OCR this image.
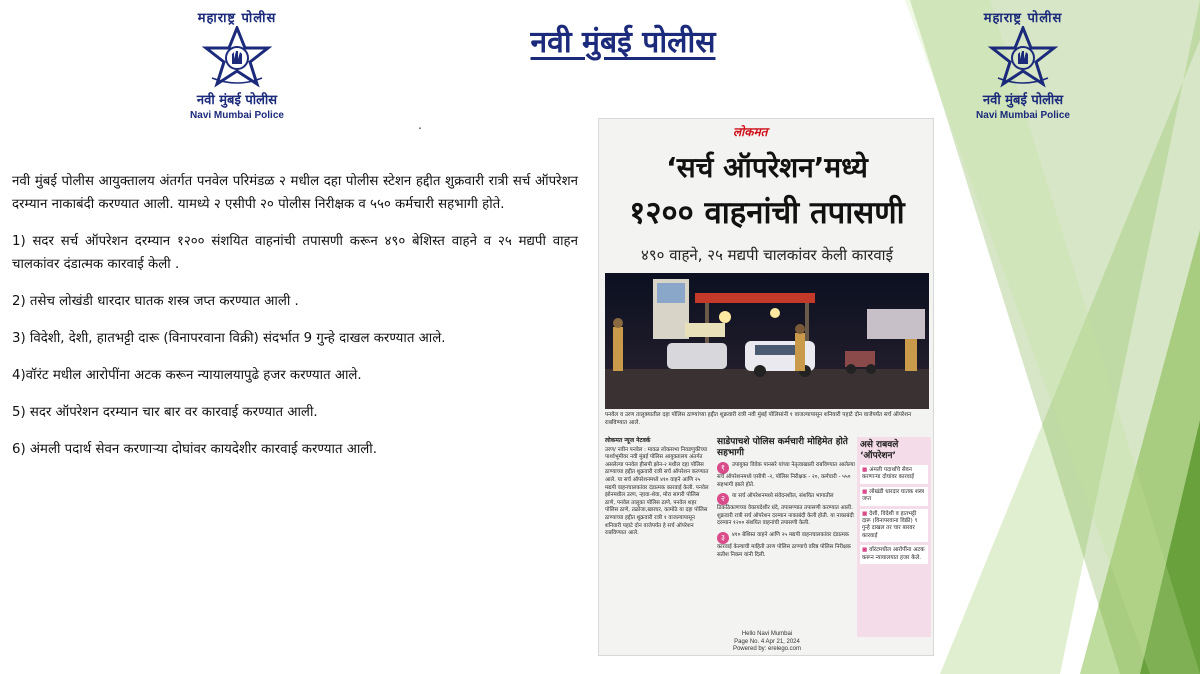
महाराष्ट्र पोलीस
नवी मुंबई पोलीस
Navi Mumbai Police
नवी मुंबई पोलीस
.
महाराष्ट्र पोलीस
नवी मुंबई पोलीस
Navi Mumbai Police

नवी मुंबई पोलीस आयुक्तालय अंतर्गत पनवेल परिमंडळ २ मधील दहा पोलीस स्टेशन हद्दीत शुक्रवारी रात्री सर्च ऑपरेशन दरम्यान नाकाबंदी करण्यात आली. यामध्ये २ एसीपी २० पोलीस निरीक्षक व ५५० कर्मचारी सहभागी होते.

1) सदर सर्च ऑपरेशन दरम्यान १२०० संशयित वाहनांची तपासणी करून ४९० बेशिस्त वाहने व २५ मद्यपी वाहन चालकांवर दंडात्मक कारवाई केली .

2) तसेच लोखंडी धारदार घातक शस्त्र जप्त करण्यात आली .

3) विदेशी, देशी, हातभट्टी दारू (विनापरवाना विक्री) संदर्भात 9 गुन्हे दाखल करण्यात आले.

4)वॉरंट मधील आरोपींना अटक करून न्यायालयापुढे हजर करण्यात आले.

5) सदर ऑपरेशन दरम्यान चार बार वर कारवाई करण्यात आली.

6) अंमली पदार्थ सेवन करणाऱ्या दोघांवर कायदेशीर कारवाई करण्यात आली.

लोकमत
‘सर्च ऑपरेशन’मध्ये
१२०० वाहनांची तपासणी
४९० वाहने, २५ मद्यपी चालकांवर केली कारवाई
पनवेल व उरण तालुक्यातील दहा पोलिस ठाण्यांच्या हद्दीत शुक्रवारी रात्री नवी मुंबई पोलिसांनी १ वाजल्यापासून शनिवारी पहाटे दोन वाजेपर्यंत सर्च ऑपरेशन राबविण्यात आले.
लोकमत न्यूज नेटवर्क
उरण/ नवीन पनवेल : मावळ लोकसभा निवडणुकीच्या पार्श्वभूमीवर नवी मुंबई पोलिस आयुक्तालय अंतर्गत असलेल्या पनवेल हीसपी झोन-२ मधील दहा पोलिस ठाण्याच्या हद्दीत शुक्रवारी रात्री सर्च ऑपरेशन करण्यात आले. या सर्च ऑपरेशनमध्ये ४१० वाहने आणि २५ मद्यपी वाहनचालकांवर दंडात्मक कारवाई केली. पनवेल झोनमधील उरण, न्हावा-शेवा, मोरा सागरी पोलिस ठाणे, पनवेल तालुका पोलिस ठाणे, पनवेल शहर पोलिस ठाणे, तळोजा,खारघर, कामोठे या दहा पोलिस ठाण्याच्या हद्दीत शुक्रवारी रात्री १ वाजल्यापासून शनिवारी पहाटे दोन वाजेपर्यंत हे सर्च ऑपरेशन राबविण्यात आले.
साडेपाचशे पोलिस कर्मचारी मोहिमेत होते सहभागी
१ उपायुक्त विवेक पानसरे यांच्या नेतृत्वाखाली राबविण्यात आलेल्या सर्च ऑपरेशनमध्ये एसीपी -२, पोलिस निरीक्षक - २०, कर्मचारी - ५५० सहभागी झाले होते.
२ या सर्च ऑपरेशनमध्ये संवेदनशील, संशयित भागातील ठिकठिकाणच्या वेकायदेशीर धंदे, तपासण्यात तपासणी करण्यात आली. शुक्रवारी रात्री सर्च ऑपरेशन दरम्यान नाकाबंदी केली होती. या नाकाबंदी दरम्यान १२०० संशयित वाहनांची तपासणी केली.
३ ४१० बेशिस्त वाहने आणि २५ मद्यपी वाहनचालकांवर दंडात्मक कारवाई केल्याची माहिती उरण पोलिस ठाण्याचे वरिष्ठ पोलिस निरीक्षक सतीश निकम यांनी दिली.
असे राबवले ‘ऑपरेशन’
■ अंमली पदार्थांचे सेवन करणाऱ्या दोघांवर कारवाई
■ लोखंडी धारदार घातक शस्त्र जप्त
■ देशी, विदेशी व हातभट्टी दारू (विनापरवाना विक्री) ९ गुन्हे दाखल तर चार बारवर कारवाई
■ वॉरंटमधील आरोपींना अटक करून न्यायालयात हजर केले.
Hello Navi Mumbai
Page No. 4 Apr 21, 2024
Powered by: erelego.com
